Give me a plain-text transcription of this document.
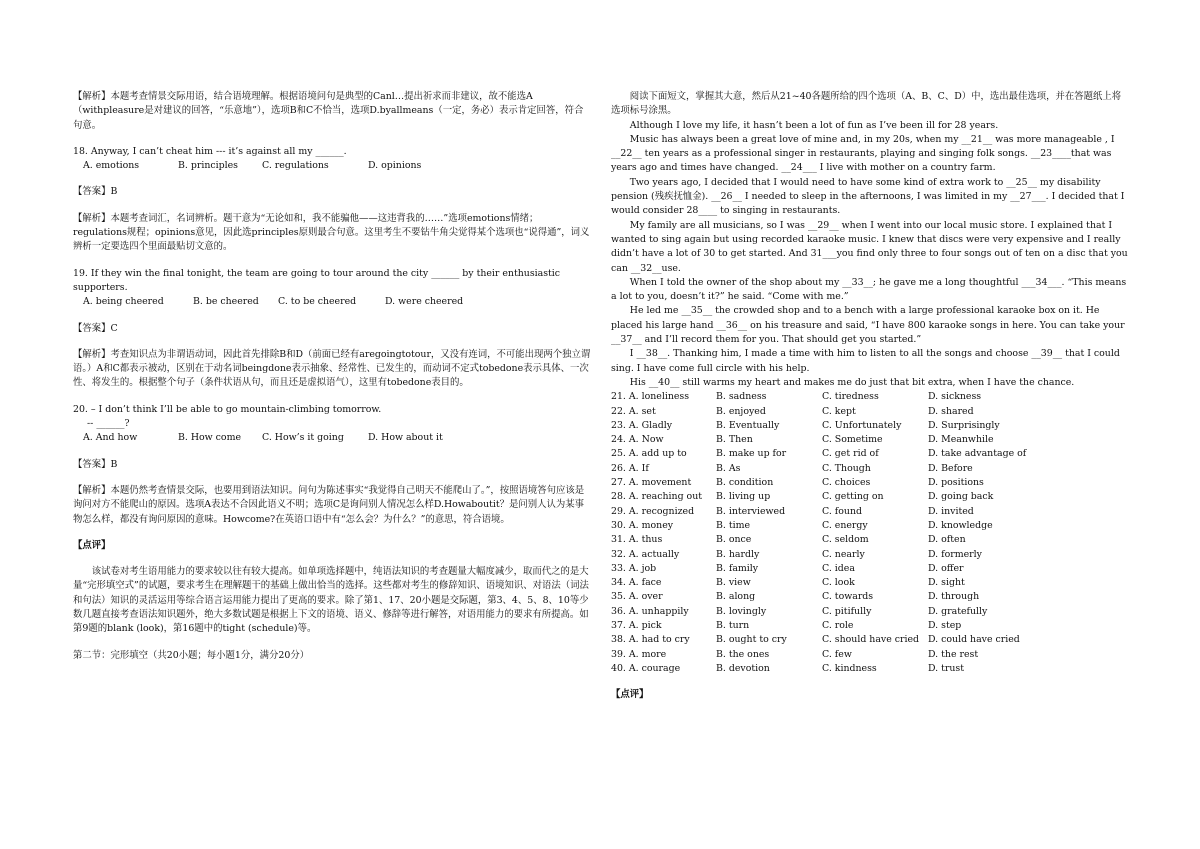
【解析】本题考查情景交际用语，结合语境理解。根据语境问句是典型的Canl…提出祈求而非建议，故不能选A（withpleasure是对建议的回答，“乐意地”），选项B和C不恰当，选项D.byallmeans（一定，务必）表示肯定回答，符合句意。

18. Anyway, I can’t cheat him --- it’s against all my ______.

A. emotions	B. principles	C. regulations	D. opinions

【答案】B

【解析】本题考查词汇，名词辨析。题干意为“无论如和，我不能骗他——这违背我的……”选项emotions情绪；regulations规程；opinions意见，因此选principles原则最合句意。这里考生不要钻牛角尖觉得某个选项也“说得通”，词义辨析一定要选四个里面最贴切文意的。

19. If they win the final tonight, the team are going to tour around the city ______ by their enthusiastic supporters.

A. being cheered	B. be cheered	C. to be cheered	D. were cheered

【答案】C

【解析】考查知识点为非谓语动词，因此首先排除B和D（前面已经有aregoingtotour，又没有连词，不可能出现两个独立谓语。）A和C都表示被动，区别在于动名词beingdone表示抽象、经常性、已发生的，而动词不定式tobedone表示具体、一次性、将发生的。根据整个句子（条件状语从句，而且还是虚拟语气），这里有tobedone表目的。

20. – I don’t think I’ll be able to go mountain-climbing tomorrow.

-- ______?

A. And how	B. How come	C. How’s it going	D. How about it

【答案】B

【解析】本题仍然考查情景交际，也要用到语法知识。问句为陈述事实“我觉得自己明天不能爬山了。”，按照语境答句应该是询问对方不能爬山的原因。选项A表达不合因此语义不明；选项C是询问别人情况怎么样D.Howaboutit？是问别人认为某事物怎么样，都没有询问原因的意味。Howcome?在英语口语中有“怎么会？为什么？”的意思，符合语境。

【点评】

该试卷对考生语用能力的要求较以往有较大提高。如单项选择题中，纯语法知识的考查题量大幅度减少，取而代之的是大量“完形填空式”的试题，要求考生在理解题干的基础上做出恰当的选择。这些都对考生的修辞知识、语境知识、对语法（词法和句法）知识的灵活运用等综合语言运用能力提出了更高的要求。除了第1、17、20小题是交际题，第3、4、5、8、10等少数几题直接考查语法知识题外，绝大多数试题是根据上下文的语境、语义、修辞等进行解答，对语用能力的要求有所提高。如第9题的blank (look)，第16题中的tight (schedule)等。

第二节：完形填空（共20小题；每小题1分，满分20分）

阅读下面短文，掌握其大意，然后从21~40各题所给的四个选项（A、B、C、D）中，选出最佳选项，并在答题纸上将选项标号涂黑。

Although I love my life, it hasn’t been a lot of fun as I’ve been ill for 28 years.

Music has always been a great love of mine and, in my 20s, when my __21__ was more manageable , I __22__ ten years as a professional singer in restaurants, playing and singing folk songs. __23____that was years ago and times have changed. __24___ I live with mother on a country farm.

Two years ago, I decided that I would need to have some kind of extra work to __25__ my disability pension (残疾抚恤金). __26__ I needed to sleep in the afternoons, I was limited in my __27___. I decided that I would consider 28____ to singing in restaurants.

My family are all musicians, so I was __29__ when I went into our local music store. I explained that I wanted to sing again but using recorded karaoke music. I knew that discs were very expensive and I really didn’t have a lot of 30 to get started. And 31___you find only three to four songs out of ten on a disc that you can __32__use.

When I told the owner of the shop about my __33__; he gave me a long thoughtful ___34___. “This means a lot to you, doesn’t it?” he said. “Come with me.”

He led me __35__ the crowded shop and to a bench with a large professional karaoke box on it. He placed his large hand __36__ on his treasure and said, “I have 800 karaoke songs in here. You can take your __37__ and I’ll record them for you. That should get you started.”

I __38__. Thanking him, I made a time with him to listen to all the songs and choose __39__ that I could sing. I have come full circle with his help.

His __40__ still warms my heart and makes me do just that bit extra, when I have the chance.

21. A. loneliness	B. sadness	C. tiredness	D. sickness
22. A. set	B. enjoyed	C. kept	D. shared
23. A. Gladly	B. Eventually	C. Unfortunately	D. Surprisingly
24. A. Now	B. Then	C. Sometime	D. Meanwhile
25. A. add up to	B. make up for	C. get rid of	D. take advantage of
26. A. If	B. As	C. Though	D. Before
27. A. movement	B. condition	C. choices	D. positions
28. A. reaching out	B. living up	C. getting on	D. going back
29. A. recognized	B. interviewed	C. found	D. invited
30. A. money	B. time	C. energy	D. knowledge
31. A. thus	B. once	C. seldom	D. often
32. A. actually	B. hardly	C. nearly	D. formerly
33. A. job	B. family	C. idea	D. offer
34. A. face	B. view	C. look	D. sight
35. A. over	B. along	C. towards	D. through
36. A. unhappily	B. lovingly	C. pitifully	D. gratefully
37. A. pick	B. turn	C. role	D. step
38. A. had to cry	B. ought to cry	C. should have cried D. could have cried
39. A. more	B. the ones	C. few	D. the rest
40. A. courage	B. devotion	C. kindness	D. trust

【点评】
